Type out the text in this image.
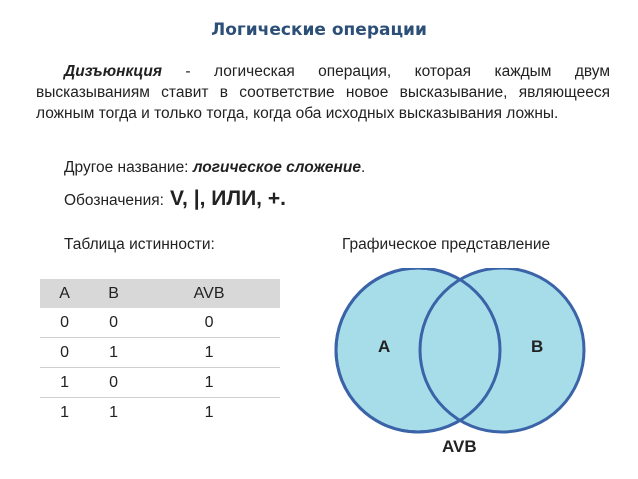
Логические операции
Дизъюнкция - логическая операция, которая каждым двум высказываниям ставит в соответствие новое высказывание, являющееся ложным тогда и только тогда, когда оба исходных высказывания ложны.
Другое название: логическое сложение.
Обозначения: V, |, ИЛИ, +.
Таблица истинности:	Графическое представление
A	B	AVB
0	0	0
0	1	1
1	0	1
1	1	1
A	B
AVB
